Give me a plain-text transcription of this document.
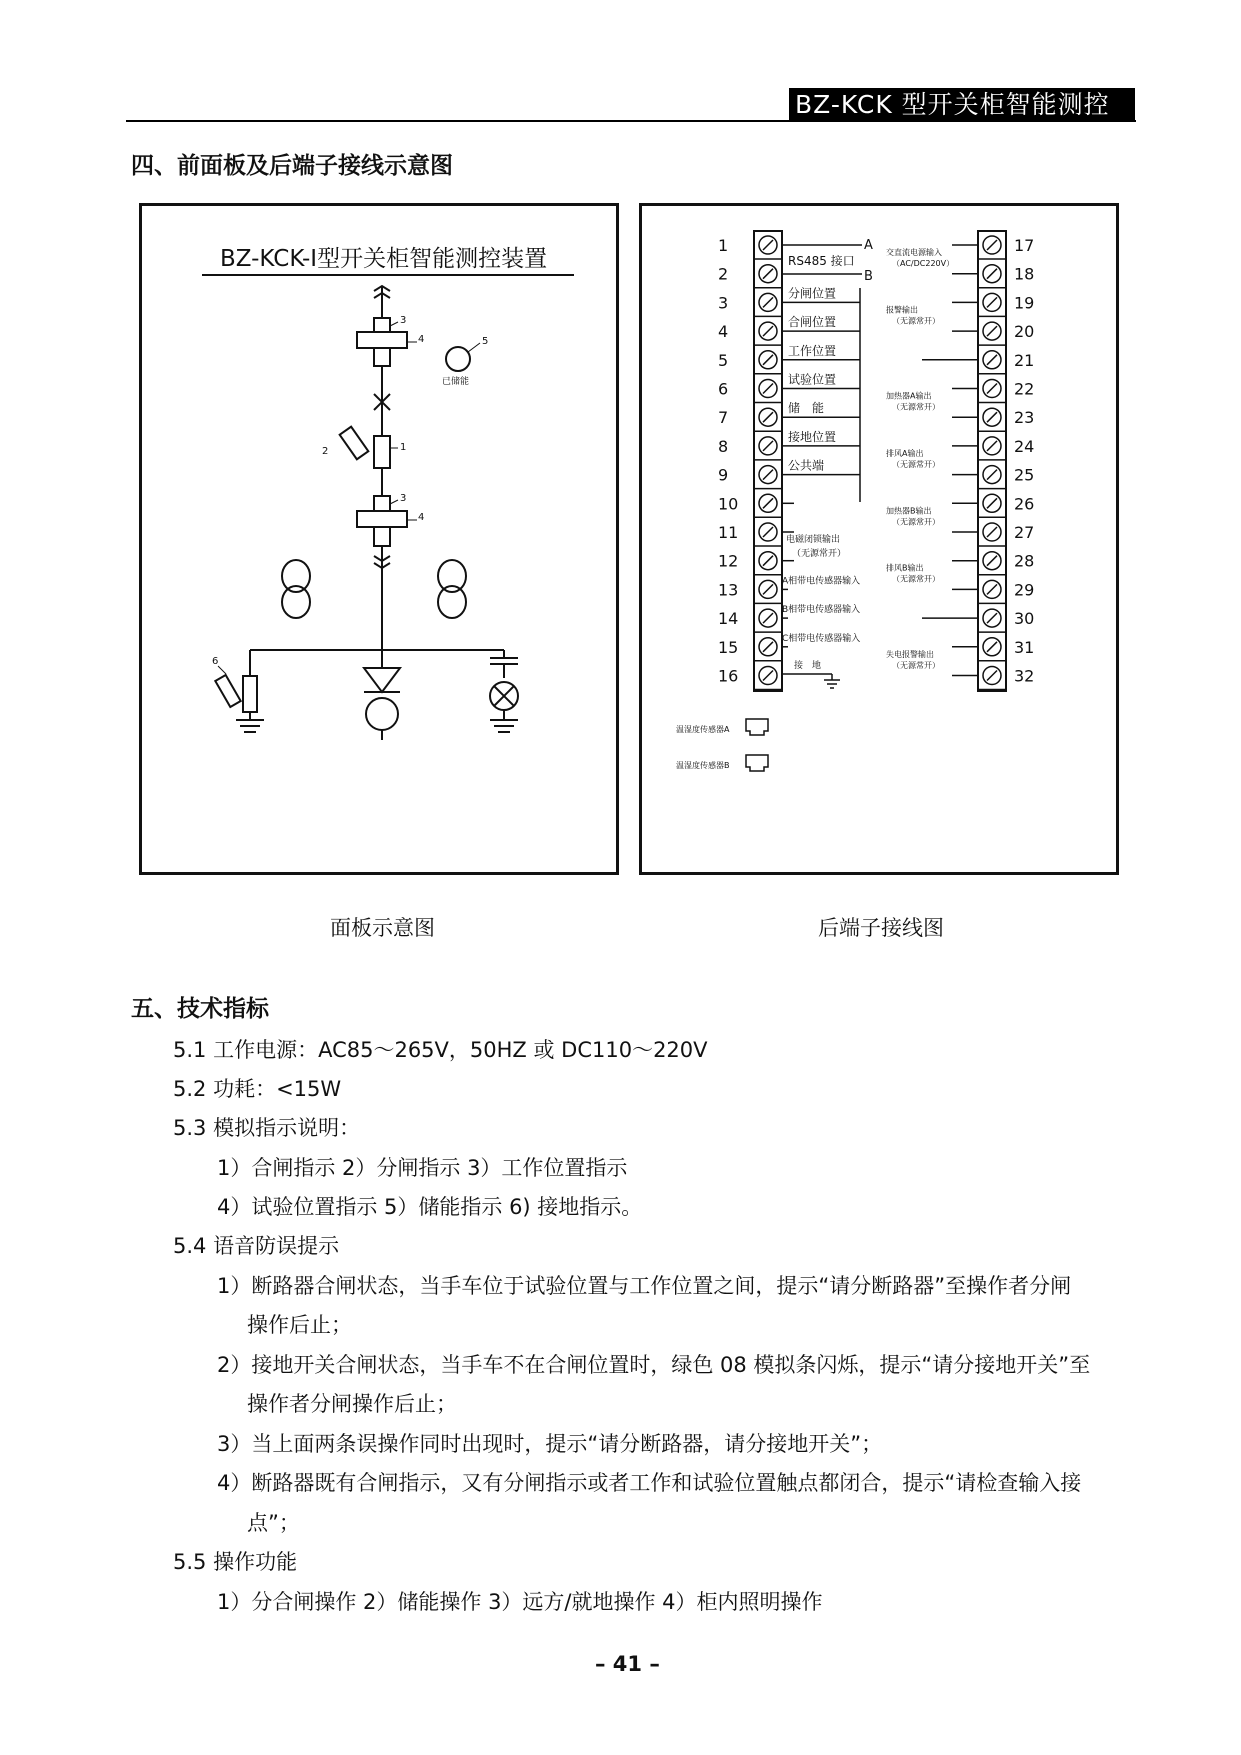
BZ-KCK 型开关柜智能测控装置
四、前面板及后端子接线示意图
BZ-KCK-I型开关柜智能测控装置
3
4
2	1
3
4
5
已储能
6
1
2
3
4
5
6
7
8
9
10
11
12
13
14
15
16
17
18
19
20
21
22
23
24
25
26
27
28
29
30
31
32
A
B
RS485 接口
电磁闭锁输出
（无源常开）
接　地
温湿度传感器A
温湿度传感器B
分闸位置
合闸位置
工作位置
试验位置
储　能
接地位置
公共端
A相带电传感器输入
B相带电传感器输入
C相带电传感器输入
交直流电源输入
（AC/DC220V）
报警输出
（无源常开）
加热器A输出
（无源常开）
排风A输出
（无源常开）
加热器B输出
（无源常开）
排风B输出
（无源常开）
失电报警输出
（无源常开）
面板示意图	后端子接线图
五、技术指标
5.1 工作电源：AC85～265V，50HZ 或 DC110～220V
5.2 功耗：<15W
5.3 模拟指示说明：
1）合闸指示 2）分闸指示 3）工作位置指示
4）试验位置指示 5）储能指示 6) 接地指示。
5.4 语音防误提示
1）断路器合闸状态，当手车位于试验位置与工作位置之间，提示“请分断路器”至操作者分闸
操作后止；
2）接地开关合闸状态，当手车不在合闸位置时，绿色 08 模拟条闪烁，提示“请分接地开关”至
操作者分闸操作后止；
3）当上面两条误操作同时出现时，提示“请分断路器，请分接地开关”；
4）断路器既有合闸指示，又有分闸指示或者工作和试验位置触点都闭合，提示“请检查输入接
点”；
5.5 操作功能
1）分合闸操作 2）储能操作 3）远方/就地操作 4）柜内照明操作
– 41 –
